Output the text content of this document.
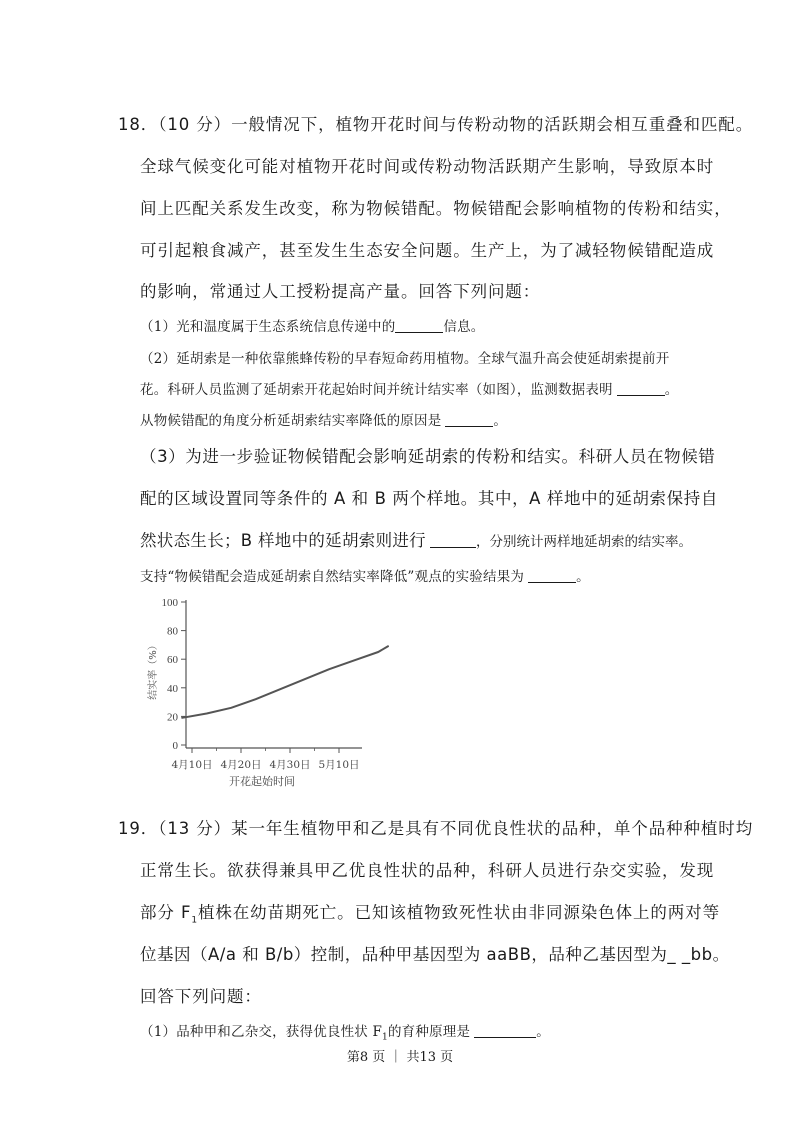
18．（10 分）一般情况下，植物开花时间与传粉动物的活跃期会相互重叠和匹配。
全球气候变化可能对植物开花时间或传粉动物活跃期产生影响，导致原本时
间上匹配关系发生改变，称为物候错配。物候错配会影响植物的传粉和结实，
可引起粮食减产，甚至发生生态安全问题。生产上，为了减轻物候错配造成
的影响，常通过人工授粉提高产量。回答下列问题：
（1）光和温度属于生态系统信息传递中的	信息。
（2）延胡索是一种依靠熊蜂传粉的早春短命药用植物。全球气温升高会使延胡索提前开
花。科研人员监测了延胡索开花起始时间并统计结实率（如图），监测数据表明	。
从物候错配的角度分析延胡索结实率降低的原因是	。
（3）为进一步验证物候错配会影响延胡索的传粉和结实。科研人员在物候错
配的区域设置同等条件的 A 和 B 两个样地。其中，A 样地中的延胡索保持自
然状态生长；B 样地中的延胡索则进行	，分别统计两样地延胡索的结实率。
支持“物候错配会造成延胡索自然结实率降低”观点的实验结果为	。
100
80
60
40
20
0
4月10日 4月20日 4月30日 5月10日
开花起始时间
结实率（%）
19．（13 分）某一年生植物甲和乙是具有不同优良性状的品种，单个品种种植时均
正常生长。欲获得兼具甲乙优良性状的品种，科研人员进行杂交实验，发现
部分 $F_1$植株在幼苗期死亡。已知该植物致死性状由非同源染色体上的两对等
位基因（A/a 和 B/b）控制，品种甲基因型为 aaBB，品种乙基因型为_ _bb。
回答下列问题：
（1）品种甲和乙杂交，获得优良性状 $F_1$的育种原理是	。
第8 页 ｜ 共13 页
